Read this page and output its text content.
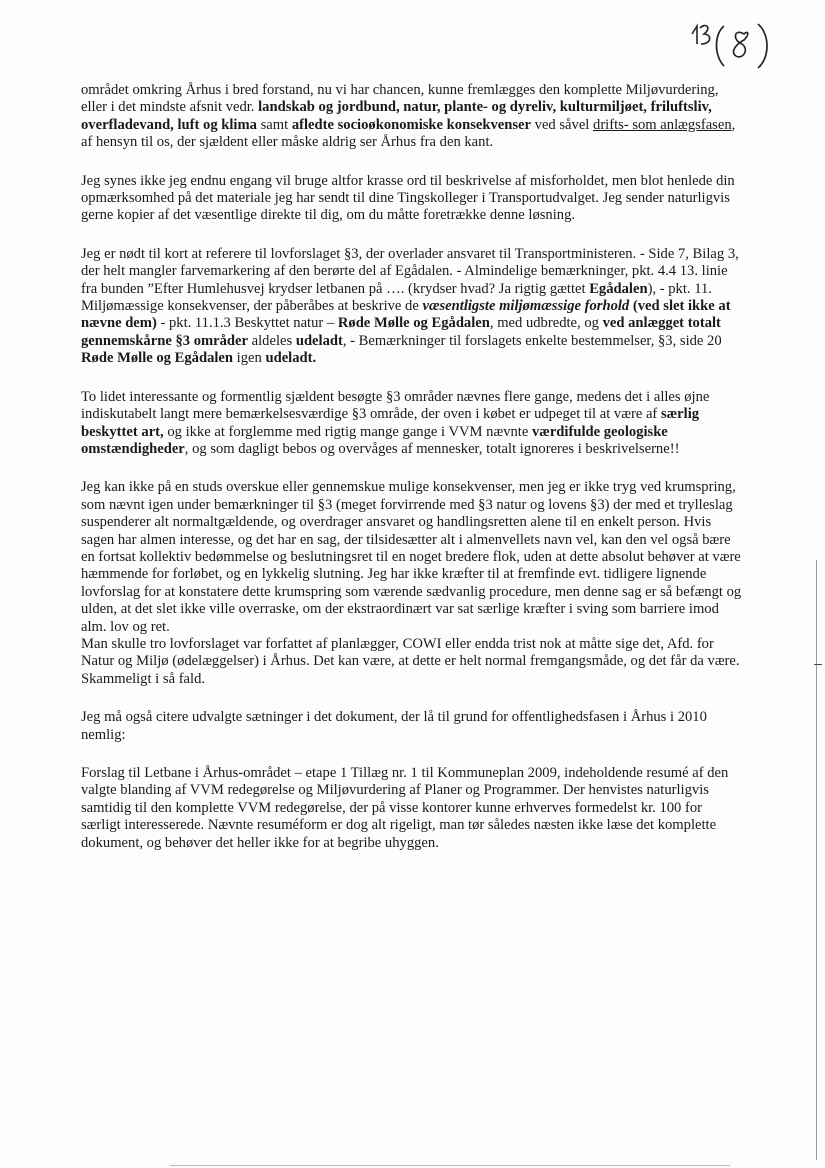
området omkring Århus i bred forstand, nu vi har chancen, kunne fremlægges den komplette Miljøvurdering, eller i det mindste afsnit vedr. landskab og jordbund, natur, plante- og dyreliv, kulturmiljøet, friluftsliv, overfladevand, luft og klima samt afledte socioøkonomiske konsekvenser ved såvel drifts- som anlægsfasen, af hensyn til os, der sjældent eller måske aldrig ser Århus fra den kant.

Jeg synes ikke jeg endnu engang vil bruge altfor krasse ord til beskrivelse af misforholdet, men blot henlede din opmærksomhed på det materiale jeg har sendt til dine Tingskolleger i Transportudvalget. Jeg sender naturligvis gerne kopier af det væsentlige direkte til dig, om du måtte foretrække denne løsning.

Jeg er nødt til kort at referere til lovforslaget §3, der overlader ansvaret til Transportministeren. - Side 7, Bilag 3, der helt mangler farvemarkering af den berørte del af Egådalen. - Almindelige bemærkninger, pkt. 4.4 13. linie fra bunden ”Efter Humlehusvej krydser letbanen på …. (krydser hvad? Ja rigtig gættet Egådalen), - pkt. 11. Miljømæssige konsekvenser, der påberåbes at beskrive de væsentligste miljømæssige forhold (ved slet ikke at nævne dem) - pkt. 11.1.3 Beskyttet natur – Røde Mølle og Egådalen, med udbredte, og ved anlægget totalt gennemskårne §3 områder aldeles udeladt, - Bemærkninger til forslagets enkelte bestemmelser, §3, side 20 Røde Mølle og Egådalen igen udeladt.

To lidet interessante og formentlig sjældent besøgte §3 områder nævnes flere gange, medens det i alles øjne indiskutabelt langt mere bemærkelsesværdige §3 område, der oven i købet er udpeget til at være af særlig beskyttet art, og ikke at forglemme med rigtig mange gange i VVM nævnte værdifulde geologiske omstændigheder, og som dagligt bebos og overvåges af mennesker, totalt ignoreres i beskrivelserne!!

Jeg kan ikke på en studs overskue eller gennemskue mulige konsekvenser, men jeg er ikke tryg ved krumspring, som nævnt igen under bemærkninger til §3 (meget forvirrende med §3 natur og lovens §3) der med et trylleslag suspenderer alt normaltgældende, og overdrager ansvaret og handlingsretten alene til en enkelt person. Hvis sagen har almen interesse, og det har en sag, der tilsidesætter alt i almenvellets navn vel, kan den vel også bære en fortsat kollektiv bedømmelse og beslutningsret til en noget bredere flok, uden at dette absolut behøver at være hæmmende for forløbet, og en lykkelig slutning. Jeg har ikke kræfter til at fremfinde evt. tidligere lignende lovforslag for at konstatere dette krumspring som værende sædvanlig procedure, men denne sag er så befængt og ulden, at det slet ikke ville overraske, om der ekstraordinært var sat særlige kræfter i sving som barriere imod alm. lov og ret.

Man skulle tro lovforslaget var forfattet af planlægger, COWI eller endda trist nok at måtte sige det, Afd. for Natur og Miljø (ødelæggelser) i Århus. Det kan være, at dette er helt normal fremgangsmåde, og det får da være. Skammeligt i så fald.

Jeg må også citere udvalgte sætninger i det dokument, der lå til grund for offentlighedsfasen i Århus i 2010 nemlig:

Forslag til Letbane i Århus-området – etape 1 Tillæg nr. 1 til Kommuneplan 2009, indeholdende resumé af den valgte blanding af VVM redegørelse og Miljøvurdering af Planer og Programmer. Der henvistes naturligvis samtidig til den komplette VVM redegørelse, der på visse kontorer kunne erhverves formedelst kr. 100 for særligt interesserede. Nævnte resuméform er dog alt rigeligt, man tør således næsten ikke læse det komplette dokument, og behøver det heller ikke for at begribe uhyggen.
